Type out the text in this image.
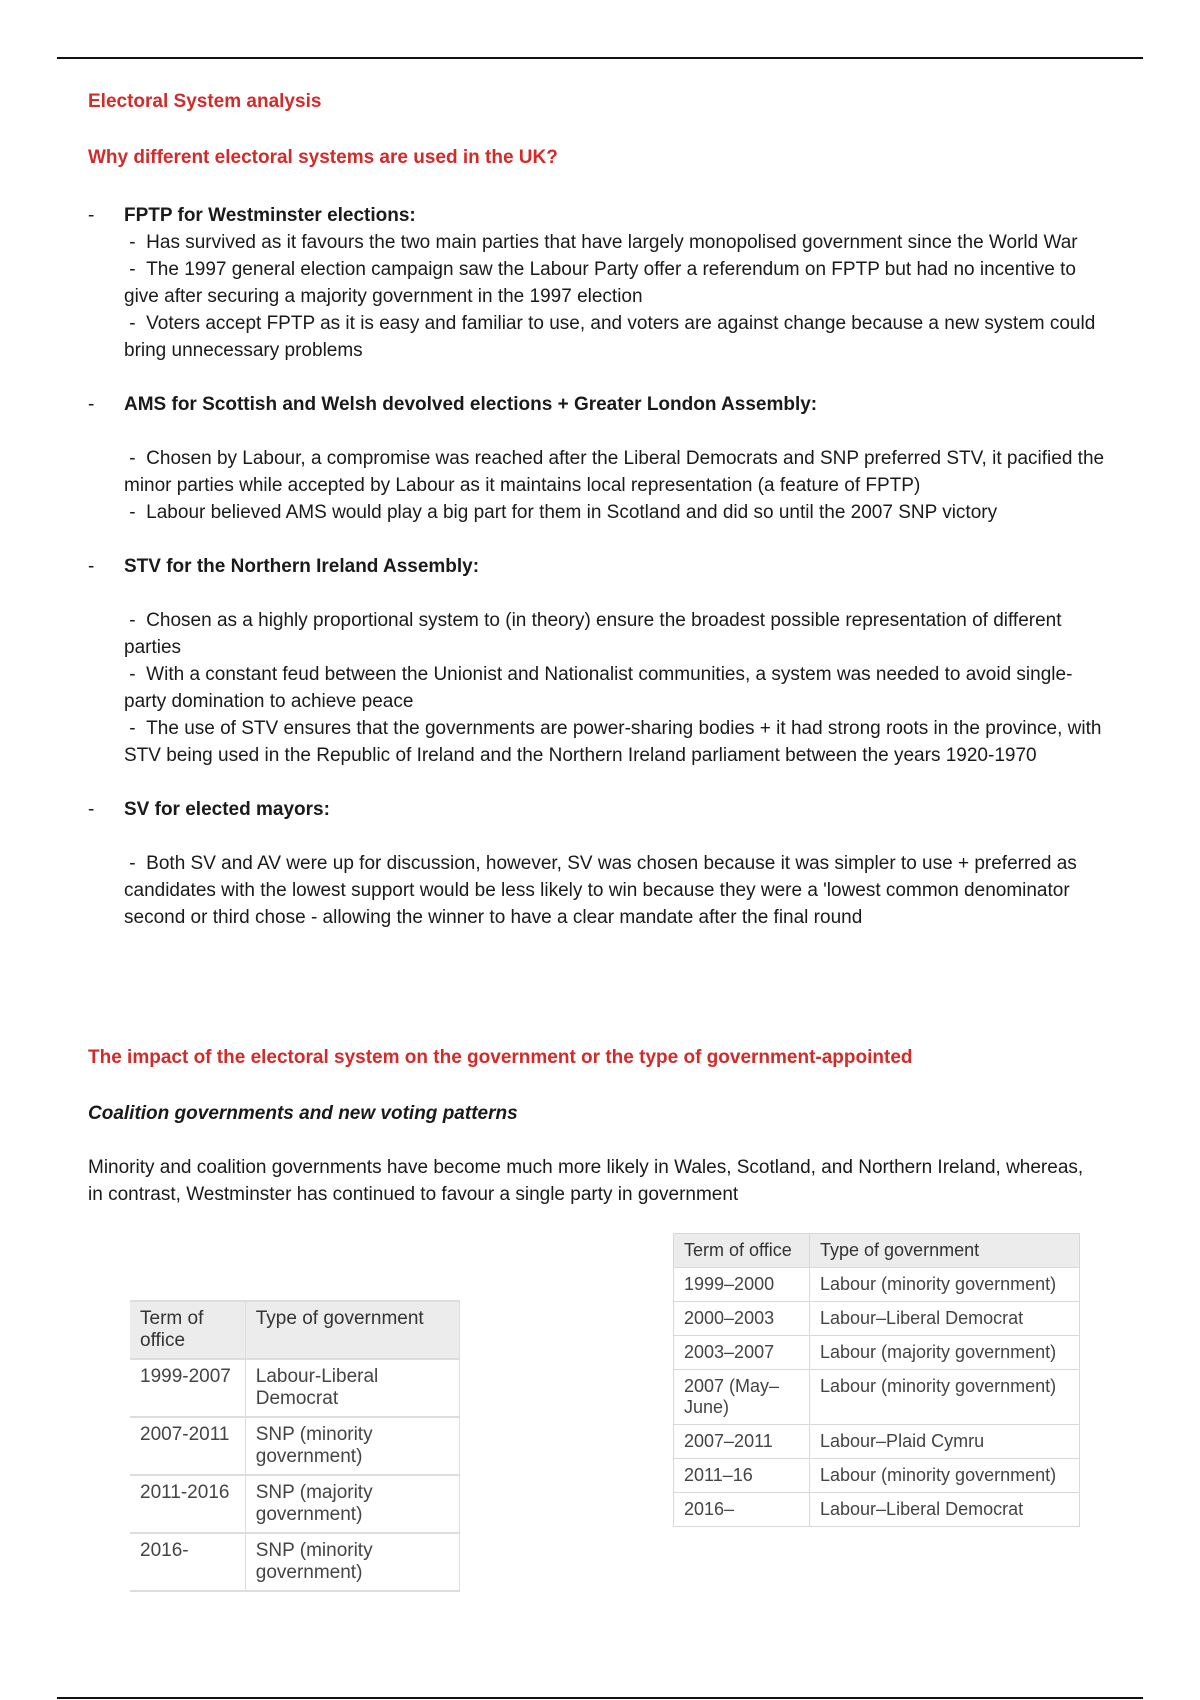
Electoral System analysis
Why different electoral systems are used in the UK?
- FPTP for Westminster elections:
- Has survived as it favours the two main parties that have largely monopolised government since the World War
- The 1997 general election campaign saw the Labour Party offer a referendum on FPTP but had no incentive to give after securing a majority government in the 1997 election
- Voters accept FPTP as it is easy and familiar to use, and voters are against change because a new system could bring unnecessary problems
- AMS for Scottish and Welsh devolved elections + Greater London Assembly:
- Chosen by Labour, a compromise was reached after the Liberal Democrats and SNP preferred STV, it pacified the minor parties while accepted by Labour as it maintains local representation (a feature of FPTP)
- Labour believed AMS would play a big part for them in Scotland and did so until the 2007 SNP victory
- STV for the Northern Ireland Assembly:
- Chosen as a highly proportional system to (in theory) ensure the broadest possible representation of different parties
- With a constant feud between the Unionist and Nationalist communities, a system was needed to avoid single-party domination to achieve peace
- The use of STV ensures that the governments are power-sharing bodies + it had strong roots in the province, with STV being used in the Republic of Ireland and the Northern Ireland parliament between the years 1920-1970
- SV for elected mayors:
- Both SV and AV were up for discussion, however, SV was chosen because it was simpler to use + preferred as candidates with the lowest support would be less likely to win because they were a 'lowest common denominator second or third chose - allowing the winner to have a clear mandate after the final round
The impact of the electoral system on the government or the type of government-appointed
Coalition governments and new voting patterns
Minority and coalition governments have become much more likely in Wales, Scotland, and Northern Ireland, whereas, in contrast, Westminster has continued to favour a single party in government
Term of office	Type of government
1999-2007	Labour-Liberal Democrat
2007-2011	SNP (minority government)
2011-2016	SNP (majority government)
2016-	SNP (minority government)
Term of office	Type of government
1999–2000	Labour (minority government)
2000–2003	Labour–Liberal Democrat
2003–2007	Labour (majority government)
2007 (May–June)	Labour (minority government)
2007–2011	Labour–Plaid Cymru
2011–16	Labour (minority government)
2016–	Labour–Liberal Democrat
